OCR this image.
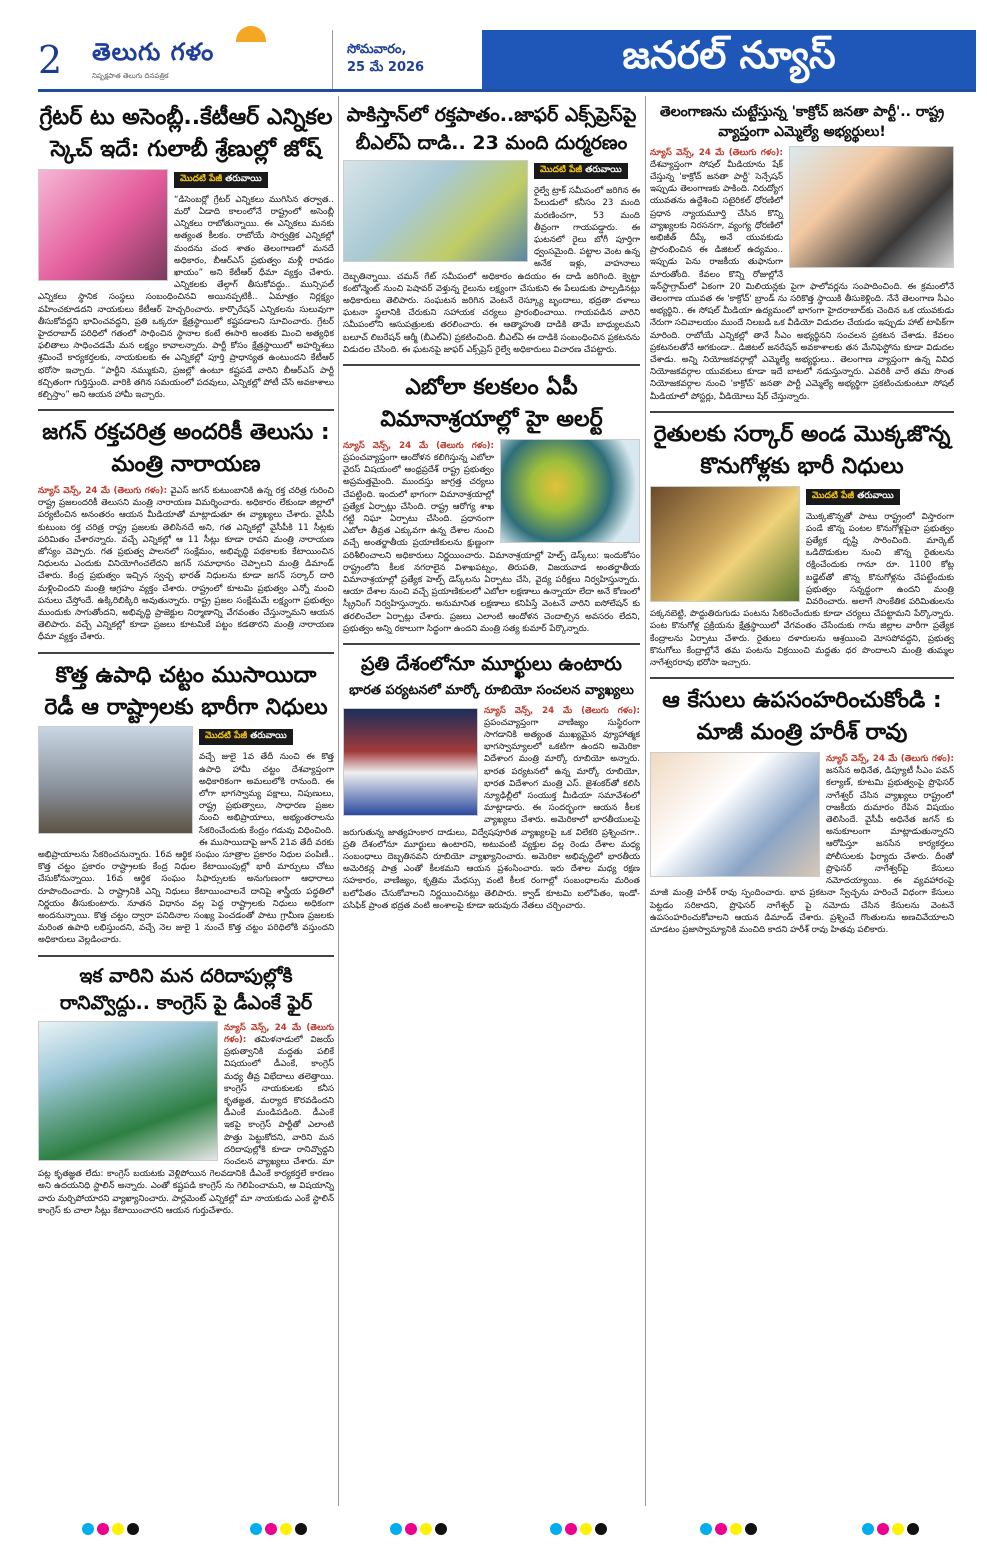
2	తెలుగు గళం
నిష్పక్షపాత తెలుగు దినపత్రిక
సోమవారం,
25 మే 2026	జనరల్ న్యూస్
గ్రేటర్ టు అసెంబ్లీ..కేటీఆర్ ఎన్నికల స్కెచ్ ఇదే: గులాబీ శ్రేణుల్లో జోష్
మొదటి పేజీ తరువాయి

“డిసెంబర్లో గ్రేటర్ ఎన్నికలు ముగిసిన తర్వాత.. మరో ఏడాది కాలంలోనే రాష్ట్రంలో అసెంబ్లీ ఎన్నికలు రాబోతున్నాయి. ఈ ఎన్నికలు మనకు అత్యంత కీలకం. రాబోయే సార్వత్రిక ఎన్నికల్లో మందను చంద శాతం తెలంగాణలో మనదే అధికారం, బీఆర్ఎస్ ప్రభుత్వం మళ్లీ రావడం ఖాయం” అని కేటీఆర్ ధీమా వ్యక్తం చేశారు. ఎన్నికలకు తేల్గాగ్ తీసుకోవద్దు.. మున్సిపల్ ఎన్నికలు స్థానిక సంస్థలు సంబంధించినవి అయినప్పటికీ.. ఏమాత్రం నిర్లక్ష్యం వహించకూడదని నాయకులు కేటీఆర్ హెచ్చరించారు. కార్పొరేషన్ ఎన్నికలను సులువుగా తీసుకోవద్దని భావించవద్దని, ప్రతి ఒక్కరూ క్షేత్రస్థాయిలో కష్టపడాలని సూచించారు. గ్రేటర్ హైదరాబాద్ పరిధిలో గతంలో సాధించిన స్థానాల కంటే ఈసారి అంతకు మించి అత్యధిక ఫలితాలు సాధించడమే మన లక్ష్యం కావాలన్నారు. పార్టీ కోసం క్షేత్రస్థాయిలో అహర్నిశలు శ్రమించే కార్యకర్తలకు, నాయకులకు ఈ ఎన్నికల్లో పూర్తి ప్రాధాన్యత ఉంటుందని కేటీఆర్ భరోసా ఇచ్చారు. “పార్టీని నమ్ముకుని, ప్రజల్లో ఉంటూ కష్టపడే వారిని బీఆర్ఎస్ పార్టీ కచ్చితంగా గుర్తిస్తుంది. వారికి తగిన సమయంలో పదవులు, ఎన్నికల్లో పోటీ చేసే అవకాశాలు కల్పిస్తాం” అని ఆయన హామీ ఇచ్చారు.

జగన్ రక్తచరిత్ర అందరికీ తెలుసు : మంత్రి నారాయణ

న్యూస్ వెన్స్, 24 మే (తెలుగు గళం): వైఎస్ జగన్ కుటుంబానికి ఉన్న రక్త చరిత్ర గురించి రాష్ట్ర ప్రజలందరికీ తెలుసని మంత్రి నారాయణ విమర్శించారు. అధికారం లేకుండా జిల్లాలో పర్యటించిన అనంతరం ఆయన మీడియాతో మాట్లాడుతూ ఈ వ్యాఖ్యలు చేశారు. వైసీపీ కుటుంబ రక్త చరిత్ర రాష్ట్ర ప్రజలకు తెలిసినదే అని, గత ఎన్నికల్లో వైసీపీకి 11 సీట్లకు పరిమితం చేశారన్నారు. వచ్చే ఎన్నికల్లో ఆ 11 సీట్లు కూడా రావని మంత్రి నారాయణ జోస్యం చెప్పారు. గత ప్రభుత్వ పాలనలో సంక్షేమం, అభివృద్ధి పథకాలకు కేటాయించిన నిధులను ఎందుకు వినియోగించలేదని జగన్ సమాధానం చెప్పాలని మంత్రి డిమాండ్ చేశారు. కేంద్ర ప్రభుత్వం ఇచ్చిన స్వచ్ఛ భారత్ నిధులను కూడా జగన్ సర్కార్ దారి మళ్లించిందని మంత్రి ఆగ్రహం వ్యక్తం చేశారు. రాష్ట్రంలో కూటమి ప్రభుత్వం ఎన్నో మంచి పనులు చేస్తోందే. ఉక్కిరిబిక్కిరి అవుతున్నారు. రాష్ట్ర ప్రజల సంక్షేమమే లక్ష్యంగా ప్రభుత్వం ముందుకు సాగుతోందని, అభివృద్ధి ప్రాజెక్టుల నిర్మాణాన్ని వేగవంతం చేస్తున్నామని ఆయన తెలిపారు. వచ్చే ఎన్నికల్లో కూడా ప్రజలు కూటమికే పట్టం కడతారని మంత్రి నారాయణ ధీమా వ్యక్తం చేశారు.

కొత్త ఉపాధి చట్టం ముసాయిదా రెడీ ఆ రాష్ట్రాలకు భారీగా నిధులు
మొదటి పేజీ తరువాయి

వచ్చే జులై 1వ తేదీ నుంచి ఈ కొత్త ఉపాధి హామీ చట్టం దేశవ్యాప్తంగా అధికారికంగా అమలులోకి రానుంది. ఈ లోగా భాగస్వామ్య పక్షాలు, నిపుణులు, రాష్ట్ర ప్రభుత్వాలు, సాధారణ ప్రజల నుంచి అభిప్రాయాలు, అభ్యంతరాలను సేకరించేందుకు కేంద్రం గడువు విధించింది. ఈ ముసాయిదాపై జూన్ 21వ తేదీ వరకు అభిప్రాయాలను సేకరించనున్నారు. 16వ ఆర్థిక సంఘం సూత్రాల ప్రకారం నిధుల పంపిణీ.. కొత్త చట్టం ప్రకారం రాష్ట్రాలకు కేంద్ర నిధుల కేటాయింపుల్లో భారీ మార్పులు చోటు చేసుకోనున్నాయి. 16వ ఆర్థిక సంఘం సిఫార్సులకు అనుగుణంగా ఆధారాలు రూపొందించారు. ఏ రాష్ట్రానికి ఎన్ని నిధులు కేటాయించాలనే దానిపై శాస్త్రీయ పద్ధతిలో నిర్ణయం తీసుకుంటారు. నూతన విధానం వల్ల పెద్ద రాష్ట్రాలకు నిధులు అధికంగా అందనున్నాయి. కొత్త చట్టం ద్వారా పనిదినాల సంఖ్య పెంచడంతో పాటు గ్రామీణ ప్రజలకు మరింత ఉపాధి లభిస్తుందని, వచ్చే నెల జులై 1 నుంచే కొత్త చట్టం పరిధిలోకి వస్తుందని అధికారులు వెల్లడించారు.

ఇక వారిని మన దరిదాపుల్లోకి రానివ్వొద్దు.. కాంగ్రెస్ పై డీఎంకే ఫైర్

న్యూస్ వెన్స్, 24 మే (తెలుగు గళం): తమిళనాడులో విజయ్ ప్రభుత్వానికి మద్దతు పలికే విషయంలో డీఎంకే, కాంగ్రెస్ మధ్య తీవ్ర విభేదాలు తలెత్తాయి. కాంగ్రెస్ నాయకులకు కనీస కృతజ్ఞత, మర్యాద కొరవడిందని డీఎంకే మండిపడింది. డీఎంకే ఇకపై కాంగ్రెస్ పార్టీతో ఎలాంటి పొత్తు పెట్టుకోదని, వారిని మన దరిదాపుల్లోకి కూడా రానివ్వొద్దని సంచలన వ్యాఖ్యలు చేశారు. మా పట్ల కృతజ్ఞత లేదు: కాంగ్రెస్ బయటకు వెళ్లిపోయిన గెలవడానికి డీఎంకే కార్యకర్తలే కారణం అని ఉదయనిధి స్టాలిన్ అన్నారు. ఎంతో కష్టపడి కాంగ్రెస్ ను గెలిపించామని, ఆ విషయాన్ని వారు మర్చిపోయారని వ్యాఖ్యానించారు. పార్లమెంట్ ఎన్నికల్లో మా నాయకుడు ఎంకే స్టాలిన్ కాంగ్రెస్ కు చాలా సీట్లు కేటాయించారని ఆయన గుర్తుచేశారు.

పాకిస్తాన్‌లో రక్తపాతం..జాఫర్ ఎక్స్‌ప్రెస్‌పై బీఎల్ఏ దాడి.. 23 మంది దుర్మరణం
మొదటి పేజీ తరువాయి

రైల్వే ట్రాక్ సమీపంలో జరిగిన ఈ పేలుడులో కనీసం 23 మంది మరణించగా, 53 మంది తీవ్రంగా గాయపడ్డారు. ఈ ఘటనలో రైలు బోగీ పూర్తిగా ధ్వంసమైంది. పట్టాల వెంట ఉన్న అనేక ఇళ్లు, వాహనాలు దెబ్బతిన్నాయి. చమన్ గేట్ సమీపంలో అధికారం ఉదయం ఈ దాడి జరిగింది. క్వెట్టా కంటోన్మెంట్ నుంచి పెషావర్ వెళ్తున్న రైలును లక్ష్యంగా చేసుకుని ఈ పేలుడుకు పాల్పడినట్లు అధికారులు తెలిపారు. సంఘటన జరిగిన వెంటనే రెస్క్యూ బృందాలు, భద్రతా దళాలు ఘటనా స్థలానికి చేరుకుని సహాయక చర్యలు ప్రారంభించాయి. గాయపడిన వారిని సమీపంలోని ఆసుపత్రులకు తరలించారు. ఈ ఆత్మాహుతి దాడికి తామే బాధ్యులమని బలూచ్ లిబరేషన్ ఆర్మీ (బీఎల్ఏ) ప్రకటించింది. బీఎల్ఏ ఈ దాడికి సంబంధించిన ప్రకటనను విడుదల చేసింది. ఈ ఘటనపై జాఫర్ ఎక్స్‌ప్రెస్ రైల్వే అధికారులు విచారణ చేపట్టారు.

ఎబోలా కలకలం ఏపీ విమానాశ్రయాల్లో హై అలర్ట్

న్యూస్ వెన్స్, 24 మే (తెలుగు గళం): ప్రపంచవ్యాప్తంగా ఆందోళన కలిగిస్తున్న ఎబోలా వైరస్ విషయంలో ఆంధ్రప్రదేశ్ రాష్ట్ర ప్రభుత్వం అప్రమత్తమైంది. ముందస్తు జాగ్రత్త చర్యలు చేపట్టింది. ఇందులో భాగంగా విమానాశ్రయాల్లో ప్రత్యేక ఏర్పాట్లు చేసింది. రాష్ట్ర ఆరోగ్య శాఖ గట్టి నిఘా ఏర్పాటు చేసింది. ప్రధానంగా ఎబోలా తీవ్రత ఎక్కువగా ఉన్న దేశాల నుంచి వచ్చే అంతర్జాతీయ ప్రయాణికులను క్షుణ్ణంగా పరిశీలించాలని అధికారులు నిర్ణయించారు. విమానాశ్రయాల్లో హెల్ప్ డెస్క్‌లు: ఇందుకోసం రాష్ట్రంలోని కీలక నగరాలైన విశాఖపట్నం, తిరుపతి, విజయవాడ అంతర్జాతీయ విమానాశ్రయాల్లో ప్రత్యేక హెల్ప్ డెస్క్‌లను ఏర్పాటు చేసి, వైద్య పరీక్షలు నిర్వహిస్తున్నారు. ఆయా దేశాల నుంచి వచ్చే ప్రయాణికులలో ఎబోలా లక్షణాలు ఉన్నాయా లేదా అనే కోణంలో స్క్రీనింగ్ నిర్వహిస్తున్నారు. అనుమానిత లక్షణాలు కనిపిస్తే వెంటనే వారిని ఐసోలేషన్ కు తరలించేలా ఏర్పాట్లు చేశారు. ప్రజలు ఎలాంటి ఆందోళన చెందాల్సిన అవసరం లేదని, ప్రభుత్వం అన్ని రకాలుగా సిద్ధంగా ఉందని మంత్రి సత్య కుమార్ పేర్కొన్నారు.

ప్రతి దేశంలోనూ మూర్ఖులు ఉంటారు
భారత పర్యటనలో మార్కో రూబియో సంచలన వ్యాఖ్యలు

న్యూస్ వెన్స్, 24 మే (తెలుగు గళం): ప్రపంచవ్యాప్తంగా వాణిజ్యం సుస్థిరంగా సాగడానికి అత్యంత ముఖ్యమైన వ్యూహాత్మక భాగస్వామ్యాలలో ఒకటిగా ఉందని అమెరికా విదేశాంగ మంత్రి మార్కో రూబియో అన్నారు. భారత పర్యటనలో ఉన్న మార్కో రూబియో, భారత విదేశాంగ మంత్రి ఎస్. జైశంకర్‌తో కలిసి న్యూఢిల్లీలో సంయుక్త మీడియా సమావేశంలో మాట్లాడారు. ఈ సందర్భంగా ఆయన కీలక వ్యాఖ్యలు చేశారు. అమెరికాలో భారతీయులపై జరుగుతున్న జాత్యహంకార దాడులు, విద్వేషపూరిత వ్యాఖ్యలపై ఒక విలేకరి ప్రశ్నించగా.. ప్రతి దేశంలోనూ మూర్ఖులు ఉంటారని, అటువంటి వ్యక్తుల వల్ల రెండు దేశాల మధ్య సంబంధాలు దెబ్బతినవని రూబియో వ్యాఖ్యానించారు. అమెరికా అభివృద్ధిలో భారతీయ అమెరికన్ల పాత్ర ఎంతో కీలకమని ఆయన ప్రశంసించారు. ఇరు దేశాల మధ్య రక్షణ సహకారం, వాణిజ్యం, కృత్రిమ మేధస్సు వంటి కీలక రంగాల్లో సంబంధాలను మరింత బలోపేతం చేసుకోవాలని నిర్ణయించినట్లు తెలిపారు. క్వాడ్ కూటమి బలోపేతం, ఇండో-పసిఫిక్ ప్రాంత భద్రత వంటి అంశాలపై కూడా ఇరువురు నేతలు చర్చించారు.

తెలంగాణను చుట్టేస్తున్న 'కాక్రోచ్ జనతా పార్టీ'.. రాష్ట్ర వ్యాప్తంగా ఎమ్మెల్యే అభ్యర్థులు!

న్యూస్ వెన్స్, 24 మే (తెలుగు గళం): దేశవ్యాప్తంగా సోషల్ మీడియాను షేక్ చేస్తున్న 'కాక్రోచ్ జనతా పార్టీ' సెన్సేషన్ ఇప్పుడు తెలంగాణకు పాకింది. నిరుద్యోగ యువతను ఉద్దేశించి సటైరికల్ ధోరణిలో ప్రధాన న్యాయమూర్తి చేసిన కొన్ని వ్యాఖ్యలకు నిరసనగా, వ్యంగ్య ధోరణిలో అభిజీత్ దీప్కే అనే యువకుడు ప్రారంభించిన ఈ డిజిటల్ ఉద్యమం.. ఇప్పుడు పెను రాజకీయ తుఫానుగా మారుతోంది. కేవలం కొన్ని రోజుల్లోనే ఇన్‌స్టాగ్రామ్‌లో ఏకంగా 20 మిలియన్లకు పైగా ఫాలోవర్లను సంపాదించింది. ఈ క్రమంలోనే తెలంగాణ యువత ఈ 'కాక్రోచ్' బ్రాండ్ ను సరికొత్త స్థాయికి తీసుకెళ్లింది. నేనే తెలంగాణ సీఎం అభ్యర్థిని.. ఈ సోషల్ మీడియా ఉద్యమంలో భాగంగా హైదరాబాద్‌కు చెందిన ఒక యువకుడు నేరుగా సచివాలయం ముందే నిలబడి ఒక వీడియో విడుదల చేయడం ఇప్పుడు హాట్ టాపిక్‌గా మారింది. రాబోయే ఎన్నికల్లో తానే సీఎం అభ్యర్థినని సంచలన ప్రకటన చేశాడు. కేవలం ప్రకటనలతోనే ఆగకుండా.. డిజిటల్ జనరేషన్ అవకాశాలకు తన మేనిఫెస్టోను కూడా విడుదల చేశాడు. అన్ని నియోజకవర్గాల్లో ఎమ్మెల్యే అభ్యర్థులు.. తెలంగాణ వ్యాప్తంగా ఉన్న వివిధ నియోజకవర్గాల యువకులు కూడా ఇదే బాటలో నడుస్తున్నారు. ఎవరికి వారే తమ సొంత నియోజకవర్గాల నుంచి 'కాక్రోచ్' జనతా పార్టీ ఎమ్మెల్యే అభ్యర్థిగా ప్రకటించుకుంటూ సోషల్ మీడియాలో పోస్టర్లు, వీడియోలు షేర్ చేస్తున్నారు.

రైతులకు సర్కార్ అండ మొక్కజొన్న కొనుగోళ్లకు భారీ నిధులు
మొదటి పేజీ తరువాయి

మొక్కజొన్నతో పాటు రాష్ట్రంలో విస్తారంగా పండే జొన్న పంటల కొనుగోళ్లపైనా ప్రభుత్వం ప్రత్యేక దృష్టి సారించింది. మార్కెట్ ఒడిదొడుకుల నుంచి జొన్న రైతులను రక్షించేందుకు గానూ రూ. 1100 కోట్ల బడ్జెట్‌తో జొన్న కొనుగోళ్లను చేపట్టేందుకు ప్రభుత్వం సన్నద్ధంగా ఉందని మంత్రి వివరించారు. అలాగే సాంకేతిక పరిమితులను పక్కనబెట్టి, పొద్దుతిరుగుడు పంటను సేకరించేందుకు కూడా చర్యలు చేపట్టామని పేర్కొన్నారు. పంట కొనుగోళ్ల ప్రక్రియను క్షేత్రస్థాయిలో వేగవంతం చేసేందుకు గాను జిల్లాల వారీగా ప్రత్యేక కేంద్రాలను ఏర్పాటు చేశారు. రైతులు దళారులను ఆశ్రయించి మోసపోవద్దని, ప్రభుత్వ కొనుగోలు కేంద్రాల్లోనే తమ పంటను విక్రయించి మద్దతు ధర పొందాలని మంత్రి తుమ్మల నాగేశ్వరరావు భరోసా ఇచ్చారు.

ఆ కేసులు ఉపసంహరించుకోండి : మాజీ మంత్రి హరీశ్ రావు

న్యూస్ వెన్స్, 24 మే (తెలుగు గళం): జనసేన అధినేత, డిప్యూటీ సీఎం పవన్ కల్యాణ్, కూటమి ప్రభుత్వంపై ప్రొఫెసర్ నాగేశ్వర్ చేసిన వ్యాఖ్యలు రాష్ట్రంలో రాజకీయ దుమారం రేపిన విషయం తెలిసిందే. వైసీపీ అధినేత జగన్ కు అనుకూలంగా మాట్లాడుతున్నారని ఆరోపిస్తూ జనసేన కార్యకర్తలు పోలీసులకు ఫిర్యాదు చేశారు. దీంతో ప్రొఫెసర్ నాగేశ్వర్‌పై కేసులు నమోదయ్యాయి. ఈ వ్యవహారంపై మాజీ మంత్రి హరీశ్ రావు స్పందించారు. భావ ప్రకటనా స్వేచ్ఛను హరించే విధంగా కేసులు పెట్టడం సరికాదని, ప్రొఫెసర్ నాగేశ్వర్ పై నమోదు చేసిన కేసులను వెంటనే ఉపసంహరించుకోవాలని ఆయన డిమాండ్ చేశారు. ప్రశ్నించే గొంతులను అణచివేయాలని చూడటం ప్రజాస్వామ్యానికి మంచిది కాదని హరీశ్ రావు హితవు పలికారు.
